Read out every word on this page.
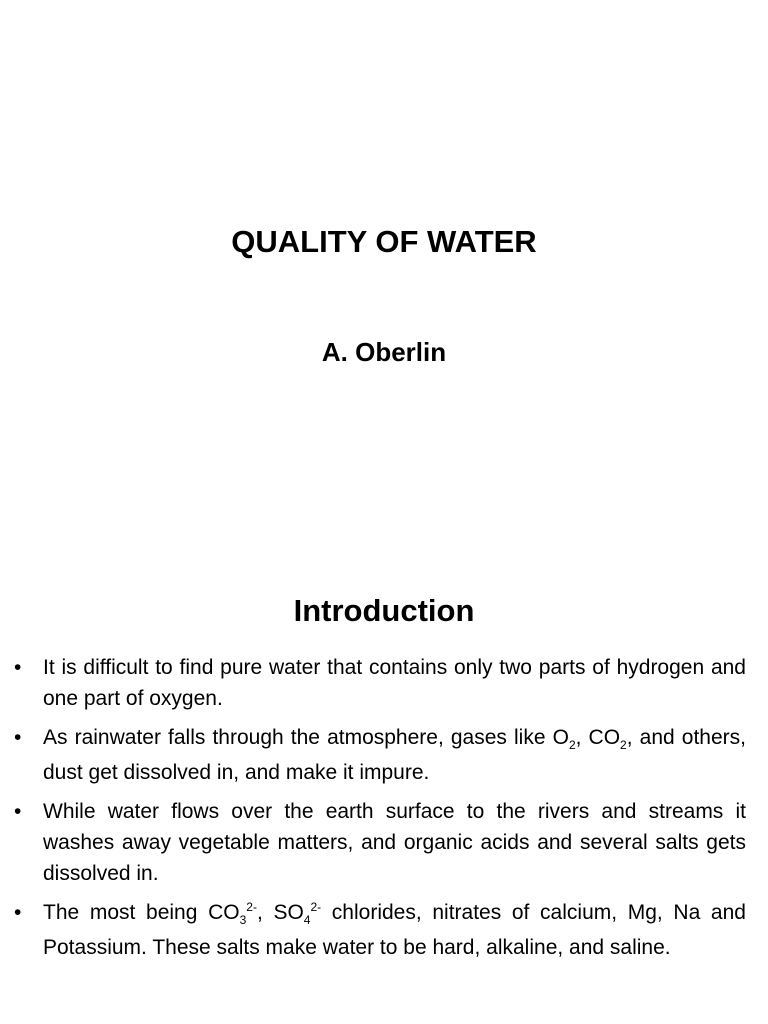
QUALITY OF WATER
A. Oberlin
Introduction
• It is difficult to find pure water that contains only two parts of hydrogen and one part of oxygen.
• As rainwater falls through the atmosphere, gases like $O_2$, $CO_2$, and others, dust get dissolved in, and make it impure.
• While water flows over the earth surface to the rivers and streams it washes away vegetable matters, and organic acids and several salts gets dissolved in.
• The most being $CO_3^{2-}$, $SO_4^{2-}$ chlorides, nitrates of calcium, Mg, Na and Potassium. These salts make water to be hard, alkaline, and saline.
